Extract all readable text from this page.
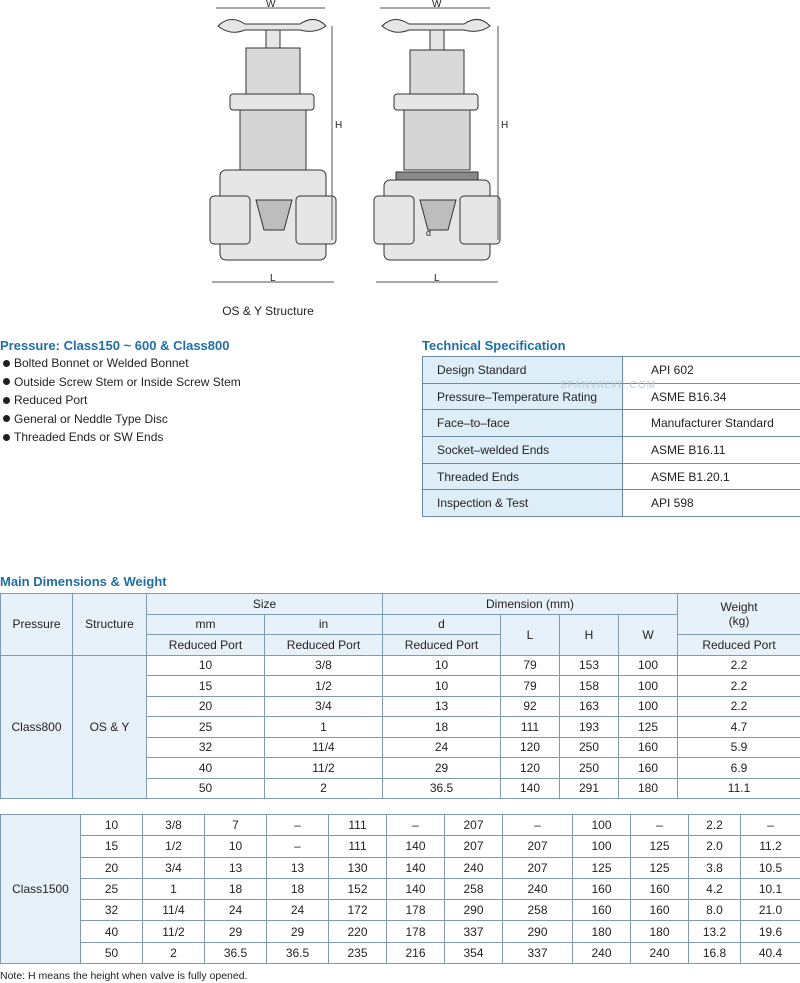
W
H
L
W
d
H
L
OS & Y Structure
Pressure: Class150 ~ 600 & Class800
Bolted Bonnet or Welded Bonnet
Outside Screw Stem or Inside Screw Stem
Reduced Port
General or Neddle Type Disc
Threaded Ends or SW Ends
Technical Specification
Design Standard	API 602
Pressure–Temperature Rating	ASME B16.34
Face–to–face	Manufacturer Standard
Socket–welded Ends	ASME B16.11
Threaded Ends	ASME B1.20.1
Inspection & Test	API 598
SFANVALVE.COM
Main Dimensions & Weight
Pressure	Structure	Size		Dimension (mm)				Weight
(kg)
		mm	in	d	L	H	W	
		Reduced Port	Reduced Port	Reduced Port				Reduced Port
Class800	OS & Y	10	3/8	10	79	153	100	2.2
		15	1/2	10	79	158	100	2.2
		20	3/4	13	92	163	100	2.2
		25	1	18	111	193	125	4.7
		32	11/4	24	120	250	160	5.9
		40	11/2	29	120	250	160	6.9
		50	2	36.5	140	291	180	11.1
Class1500	10	3/8	7	–	111	–	207	–	100	–	2.2	–
	15	1/2	10	–	111	140	207	207	100	125	2.0	11.2
	20	3/4	13	13	130	140	240	207	125	125	3.8	10.5
	25	1	18	18	152	140	258	240	160	160	4.2	10.1
	32	11/4	24	24	172	178	290	258	160	160	8.0	21.0
	40	11/2	29	29	220	178	337	290	180	180	13.2	19.6
	50	2	36.5	36.5	235	216	354	337	240	240	16.8	40.4
Note: H means the height when valve is fully opened.
